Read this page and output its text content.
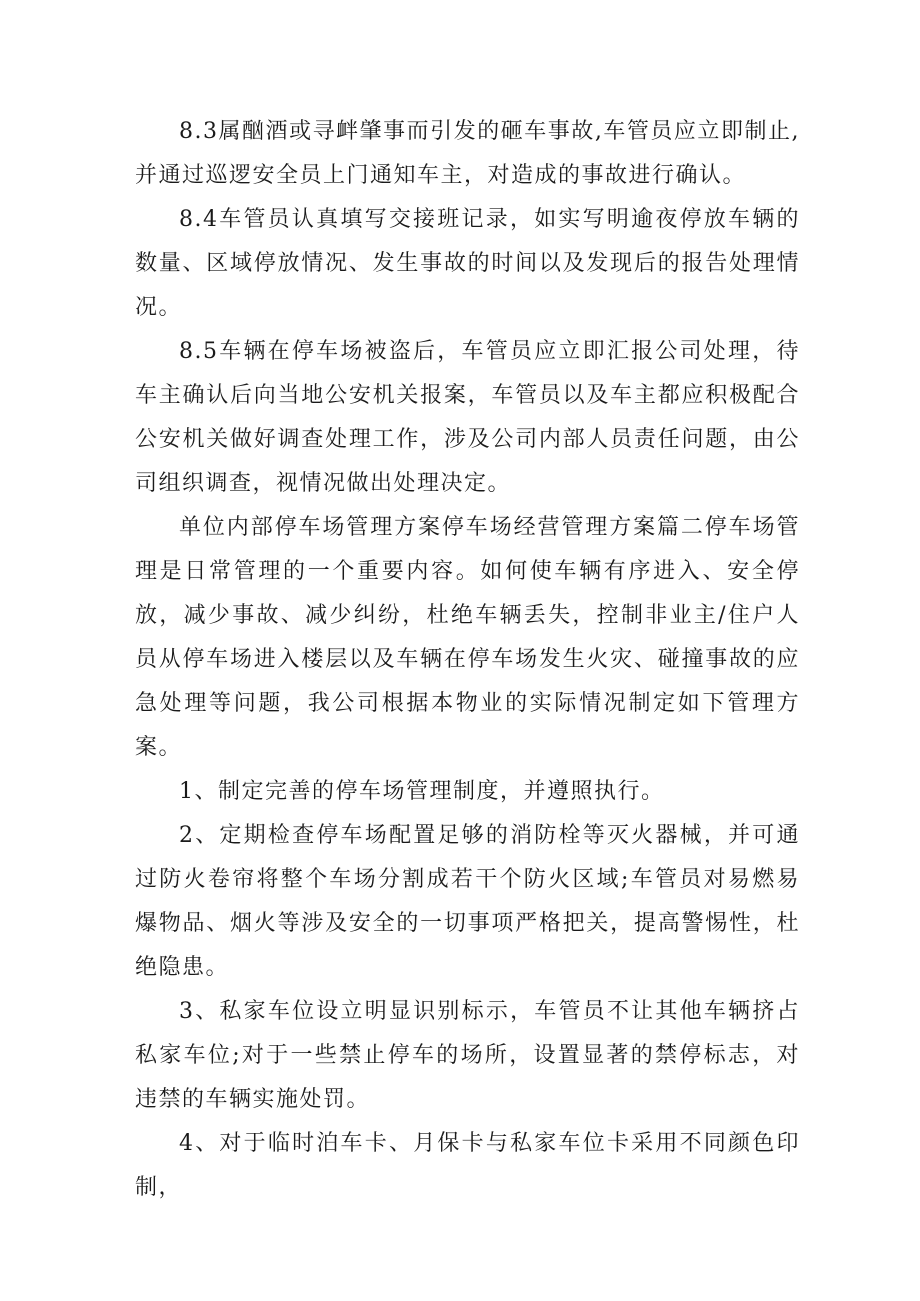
8.3属酗酒或寻衅肇事而引发的砸车事故,车管员应立即制止,并通过巡逻安全员上门通知车主，对造成的事故进行确认。

8.4车管员认真填写交接班记录，如实写明逾夜停放车辆的数量、区域停放情况、发生事故的时间以及发现后的报告处理情况。

8.5车辆在停车场被盗后，车管员应立即汇报公司处理，待车主确认后向当地公安机关报案，车管员以及车主都应积极配合公安机关做好调查处理工作，涉及公司内部人员责任问题，由公司组织调查，视情况做出处理决定。

单位内部停车场管理方案停车场经营管理方案篇二停车场管理是日常管理的一个重要内容。如何使车辆有序进入、安全停放，减少事故、减少纠纷，杜绝车辆丢失，控制非业主/住户人员从停车场进入楼层以及车辆在停车场发生火灾、碰撞事故的应急处理等问题，我公司根据本物业的实际情况制定如下管理方案。

1、制定完善的停车场管理制度，并遵照执行。

2、定期检查停车场配置足够的消防栓等灭火器械，并可通过防火卷帘将整个车场分割成若干个防火区域;车管员对易燃易爆物品、烟火等涉及安全的一切事项严格把关，提高警惕性，杜绝隐患。

3、私家车位设立明显识别标示，车管员不让其他车辆挤占私家车位;对于一些禁止停车的场所，设置显著的禁停标志，对违禁的车辆实施处罚。

4、对于临时泊车卡、月保卡与私家车位卡采用不同颜色印制，
